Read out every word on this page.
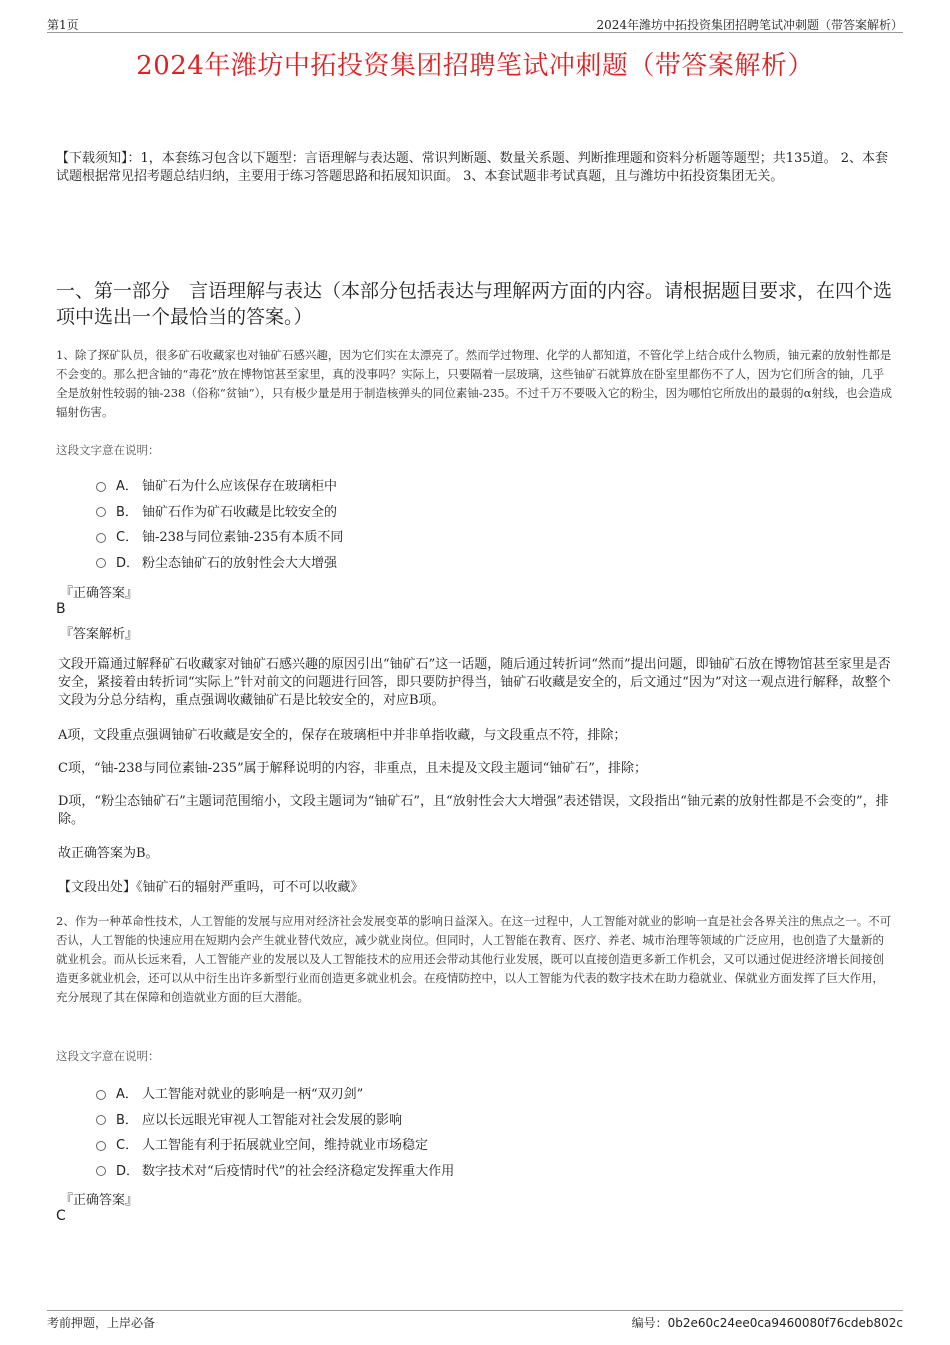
第1页	2024年潍坊中拓投资集团招聘笔试冲刺题（带答案解析）
2024年潍坊中拓投资集团招聘笔试冲刺题（带答案解析）
【下载须知】：1，本套练习包含以下题型：言语理解与表达题、常识判断题、数量关系题、判断推理题和资料分析题等题型；共135道。 2、本套试题根据常见招考题总结归纳，主要用于练习答题思路和拓展知识面。 3、本套试题非考试真题，且与潍坊中拓投资集团无关。
一、第一部分　言语理解与表达（本部分包括表达与理解两方面的内容。请根据题目要求，在四个选项中选出一个最恰当的答案。）
1、除了探矿队员，很多矿石收藏家也对铀矿石感兴趣，因为它们实在太漂亮了。然而学过物理、化学的人都知道，不管化学上结合成什么物质，铀元素的放射性都是不会变的。那么把含铀的“毒花”放在博物馆甚至家里，真的没事吗？实际上，只要隔着一层玻璃，这些铀矿石就算放在卧室里都伤不了人，因为它们所含的铀，几乎全是放射性较弱的铀-238（俗称“贫铀”），只有极少量是用于制造核弹头的同位素铀-235。不过千万不要吸入它的粉尘，因为哪怕它所放出的最弱的α射线，也会造成辐射伤害。
这段文字意在说明：
A． 铀矿石为什么应该保存在玻璃柜中
B． 铀矿石作为矿石收藏是比较安全的
C． 铀-238与同位素铀-235有本质不同
D． 粉尘态铀矿石的放射性会大大增强
『正确答案』
B
『答案解析』
文段开篇通过解释矿石收藏家对铀矿石感兴趣的原因引出“铀矿石”这一话题，随后通过转折词“然而”提出问题，即铀矿石放在博物馆甚至家里是否安全，紧接着由转折词“实际上”针对前文的问题进行回答，即只要防护得当，铀矿石收藏是安全的，后文通过“因为”对这一观点进行解释，故整个文段为分总分结构，重点强调收藏铀矿石是比较安全的，对应B项。
A项，文段重点强调铀矿石收藏是安全的，保存在玻璃柜中并非单指收藏，与文段重点不符，排除；
C项，“铀-238与同位素铀-235”属于解释说明的内容，非重点，且未提及文段主题词“铀矿石”，排除；
D项，“粉尘态铀矿石”主题词范围缩小，文段主题词为“铀矿石”，且“放射性会大大增强”表述错误，文段指出“铀元素的放射性都是不会变的”，排除。
故正确答案为B。
【文段出处】《铀矿石的辐射严重吗，可不可以收藏》
2、作为一种革命性技术，人工智能的发展与应用对经济社会发展变革的影响日益深入。在这一过程中，人工智能对就业的影响一直是社会各界关注的焦点之一。不可否认，人工智能的快速应用在短期内会产生就业替代效应，减少就业岗位。但同时，人工智能在教育、医疗、养老、城市治理等领域的广泛应用，也创造了大量新的就业机会。而从长远来看，人工智能产业的发展以及人工智能技术的应用还会带动其他行业发展，既可以直接创造更多新工作机会，又可以通过促进经济增长间接创造更多就业机会，还可以从中衍生出许多新型行业而创造更多就业机会。在疫情防控中，以人工智能为代表的数字技术在助力稳就业、保就业方面发挥了巨大作用，充分展现了其在保障和创造就业方面的巨大潜能。
这段文字意在说明：
A． 人工智能对就业的影响是一柄“双刃剑”
B． 应以长远眼光审视人工智能对社会发展的影响
C． 人工智能有利于拓展就业空间，维持就业市场稳定
D． 数字技术对“后疫情时代”的社会经济稳定发挥重大作用
『正确答案』
C
考前押题，上岸必备	编号：0b2e60c24ee0ca9460080f76cdeb802c
